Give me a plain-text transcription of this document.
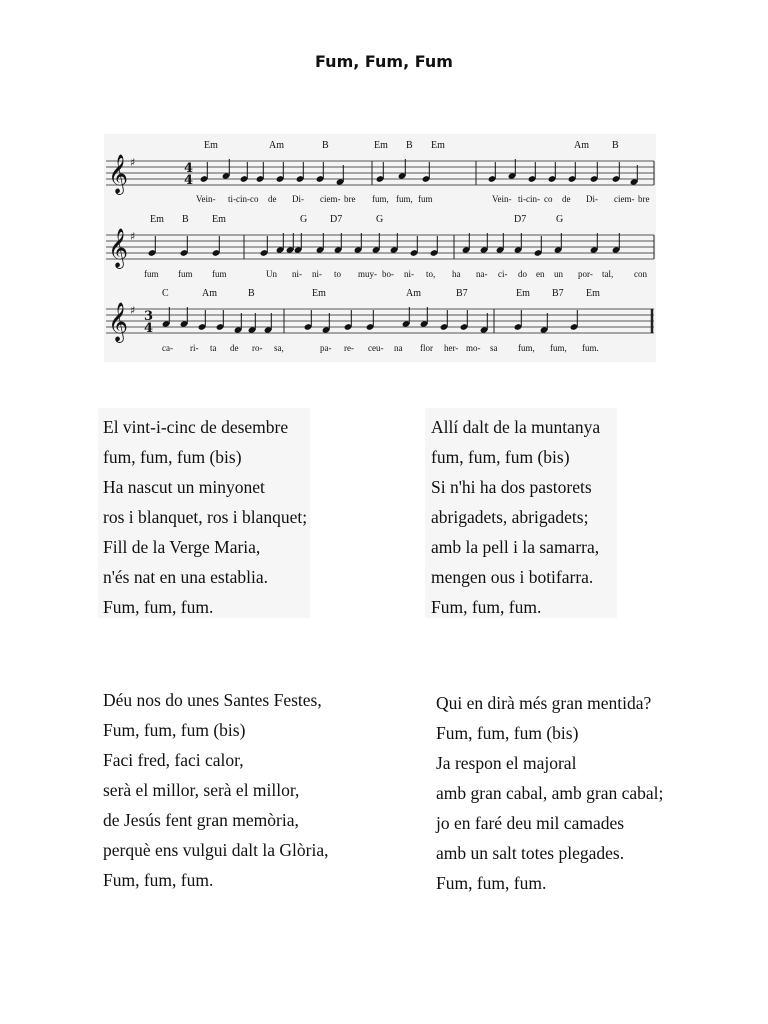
Fum, Fum, Fum
𝄞 ♯	4
4
Em	Am	B	Em B Em	Am B
Vein- ti-cin- co de Di- ciem- bre fum, fum, fum	Vein- ti-cin- co de Di- ciem- bre
𝄞 ♯
Em B Em	G D7	G	D7	G
fum fum fum	Un ni- ni- to muy- bo- ni- to, ha na- ci- do en un por- tal, con
𝄞 ♯ 3
4
C	Am	B	Em	Am	B7	Em B7 Em
ca- ri- ta de ro- sa,	pa- re- ceu- na flor her- mo- sa fum, fum, fum.
El vint-i-cinc de desembre
fum, fum, fum (bis)
Ha nascut un minyonet
ros i blanquet, ros i blanquet;
Fill de la Verge Maria,
n'és nat en una establia.
Fum, fum, fum.
Allí dalt de la muntanya
fum, fum, fum (bis)
Si n'hi ha dos pastorets
abrigadets, abrigadets;
amb la pell i la samarra,
mengen ous i botifarra.
Fum, fum, fum.
Déu nos do unes Santes Festes,
Fum, fum, fum (bis)
Faci fred, faci calor,
serà el millor, serà el millor,
de Jesús fent gran memòria,
perquè ens vulgui dalt la Glòria,
Fum, fum, fum.
Qui en dirà més gran mentida?
Fum, fum, fum (bis)
Ja respon el majoral
amb gran cabal, amb gran cabal;
jo en faré deu mil camades
amb un salt totes plegades.
Fum, fum, fum.
